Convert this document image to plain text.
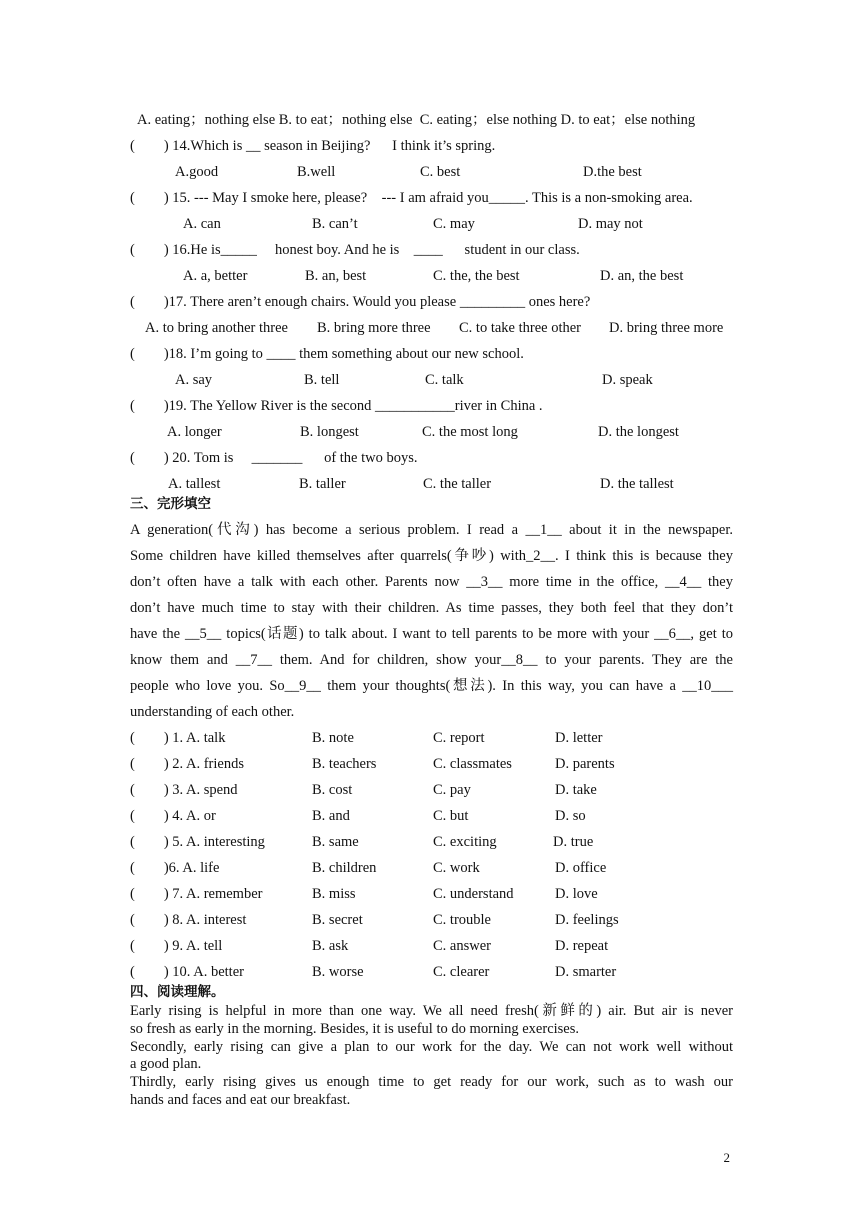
A. eating；nothing else B. to eat；nothing else  C. eating；else nothing D. to eat；else nothing
(        ) 14.Which is __ season in Beijing?      I think it’s spring.
A.good	B.well	C. best	D.the best
(        ) 15. --- May I smoke here, please?    --- I am afraid you_____. This is a non-smoking area.
A. can	B. can’t	C. may	D. may not
(        ) 16.He is_____     honest boy. And he is    ____      student in our class.
A. a, better	B. an, best	C. the, the best	D. an, the best
(        )17. There aren’t enough chairs. Would you please _________ ones here?
A. to bring another three B. bring more three C. to take three other D. bring three more
(        )18. I’m going to ____ them something about our new school.
A. say	B. tell	C. talk	D. speak
(        )19. The Yellow River is the second ___________river in China .
A. longer	B. longest	C. the most long	D. the longest
(        ) 20. Tom is     _______      of the two boys.
A. tallest	B. taller	C. the taller	D. the tallest
三、完形填空
A generation(代沟) has become a serious problem. I read a __1__ about it in the newspaper.
Some children have killed themselves after quarrels(争吵) with_2__. I think this is because they
don’t often have a talk with each other. Parents now __3__ more time in the office, __4__ they
don’t have much time to stay with their children. As time passes, they both feel that they don’t
have the __5__ topics(话题) to talk about. I want to tell parents to be more with your __6__, get to
know them and __7__ them. And for children, show your__8__ to your parents. They are the
people who love you. So__9__ them your thoughts(想法). In this way, you can have a __10___
understanding of each other.
(        ) 1. A. talk	B. note	C. report	D. letter
(        ) 2. A. friends	B. teachers	C. classmates	D. parents
(        ) 3. A. spend	B. cost	C. pay	D. take
(        ) 4. A. or	B. and	C. but	D. so
(        ) 5. A. interesting	B. same	C. exciting	D. true
(        )6. A. life	B. children	C. work	D. office
(        ) 7. A. remember	B. miss	C. understand	D. love
(        ) 8. A. interest	B. secret	C. trouble	D. feelings
(        ) 9. A. tell	B. ask	C. answer	D. repeat
(        ) 10. A. better	B. worse	C. clearer	D. smarter
四、阅读理解。
Early rising is helpful in more than one way. We all need fresh(新鲜的) air. But air is never
so fresh as early in the morning. Besides, it is useful to do morning exercises.
Secondly, early rising can give a plan to our work for the day. We can not work well without
a good plan.
Thirdly, early rising gives us enough time to get ready for our work, such as to wash our
hands and faces and eat our breakfast.
2
